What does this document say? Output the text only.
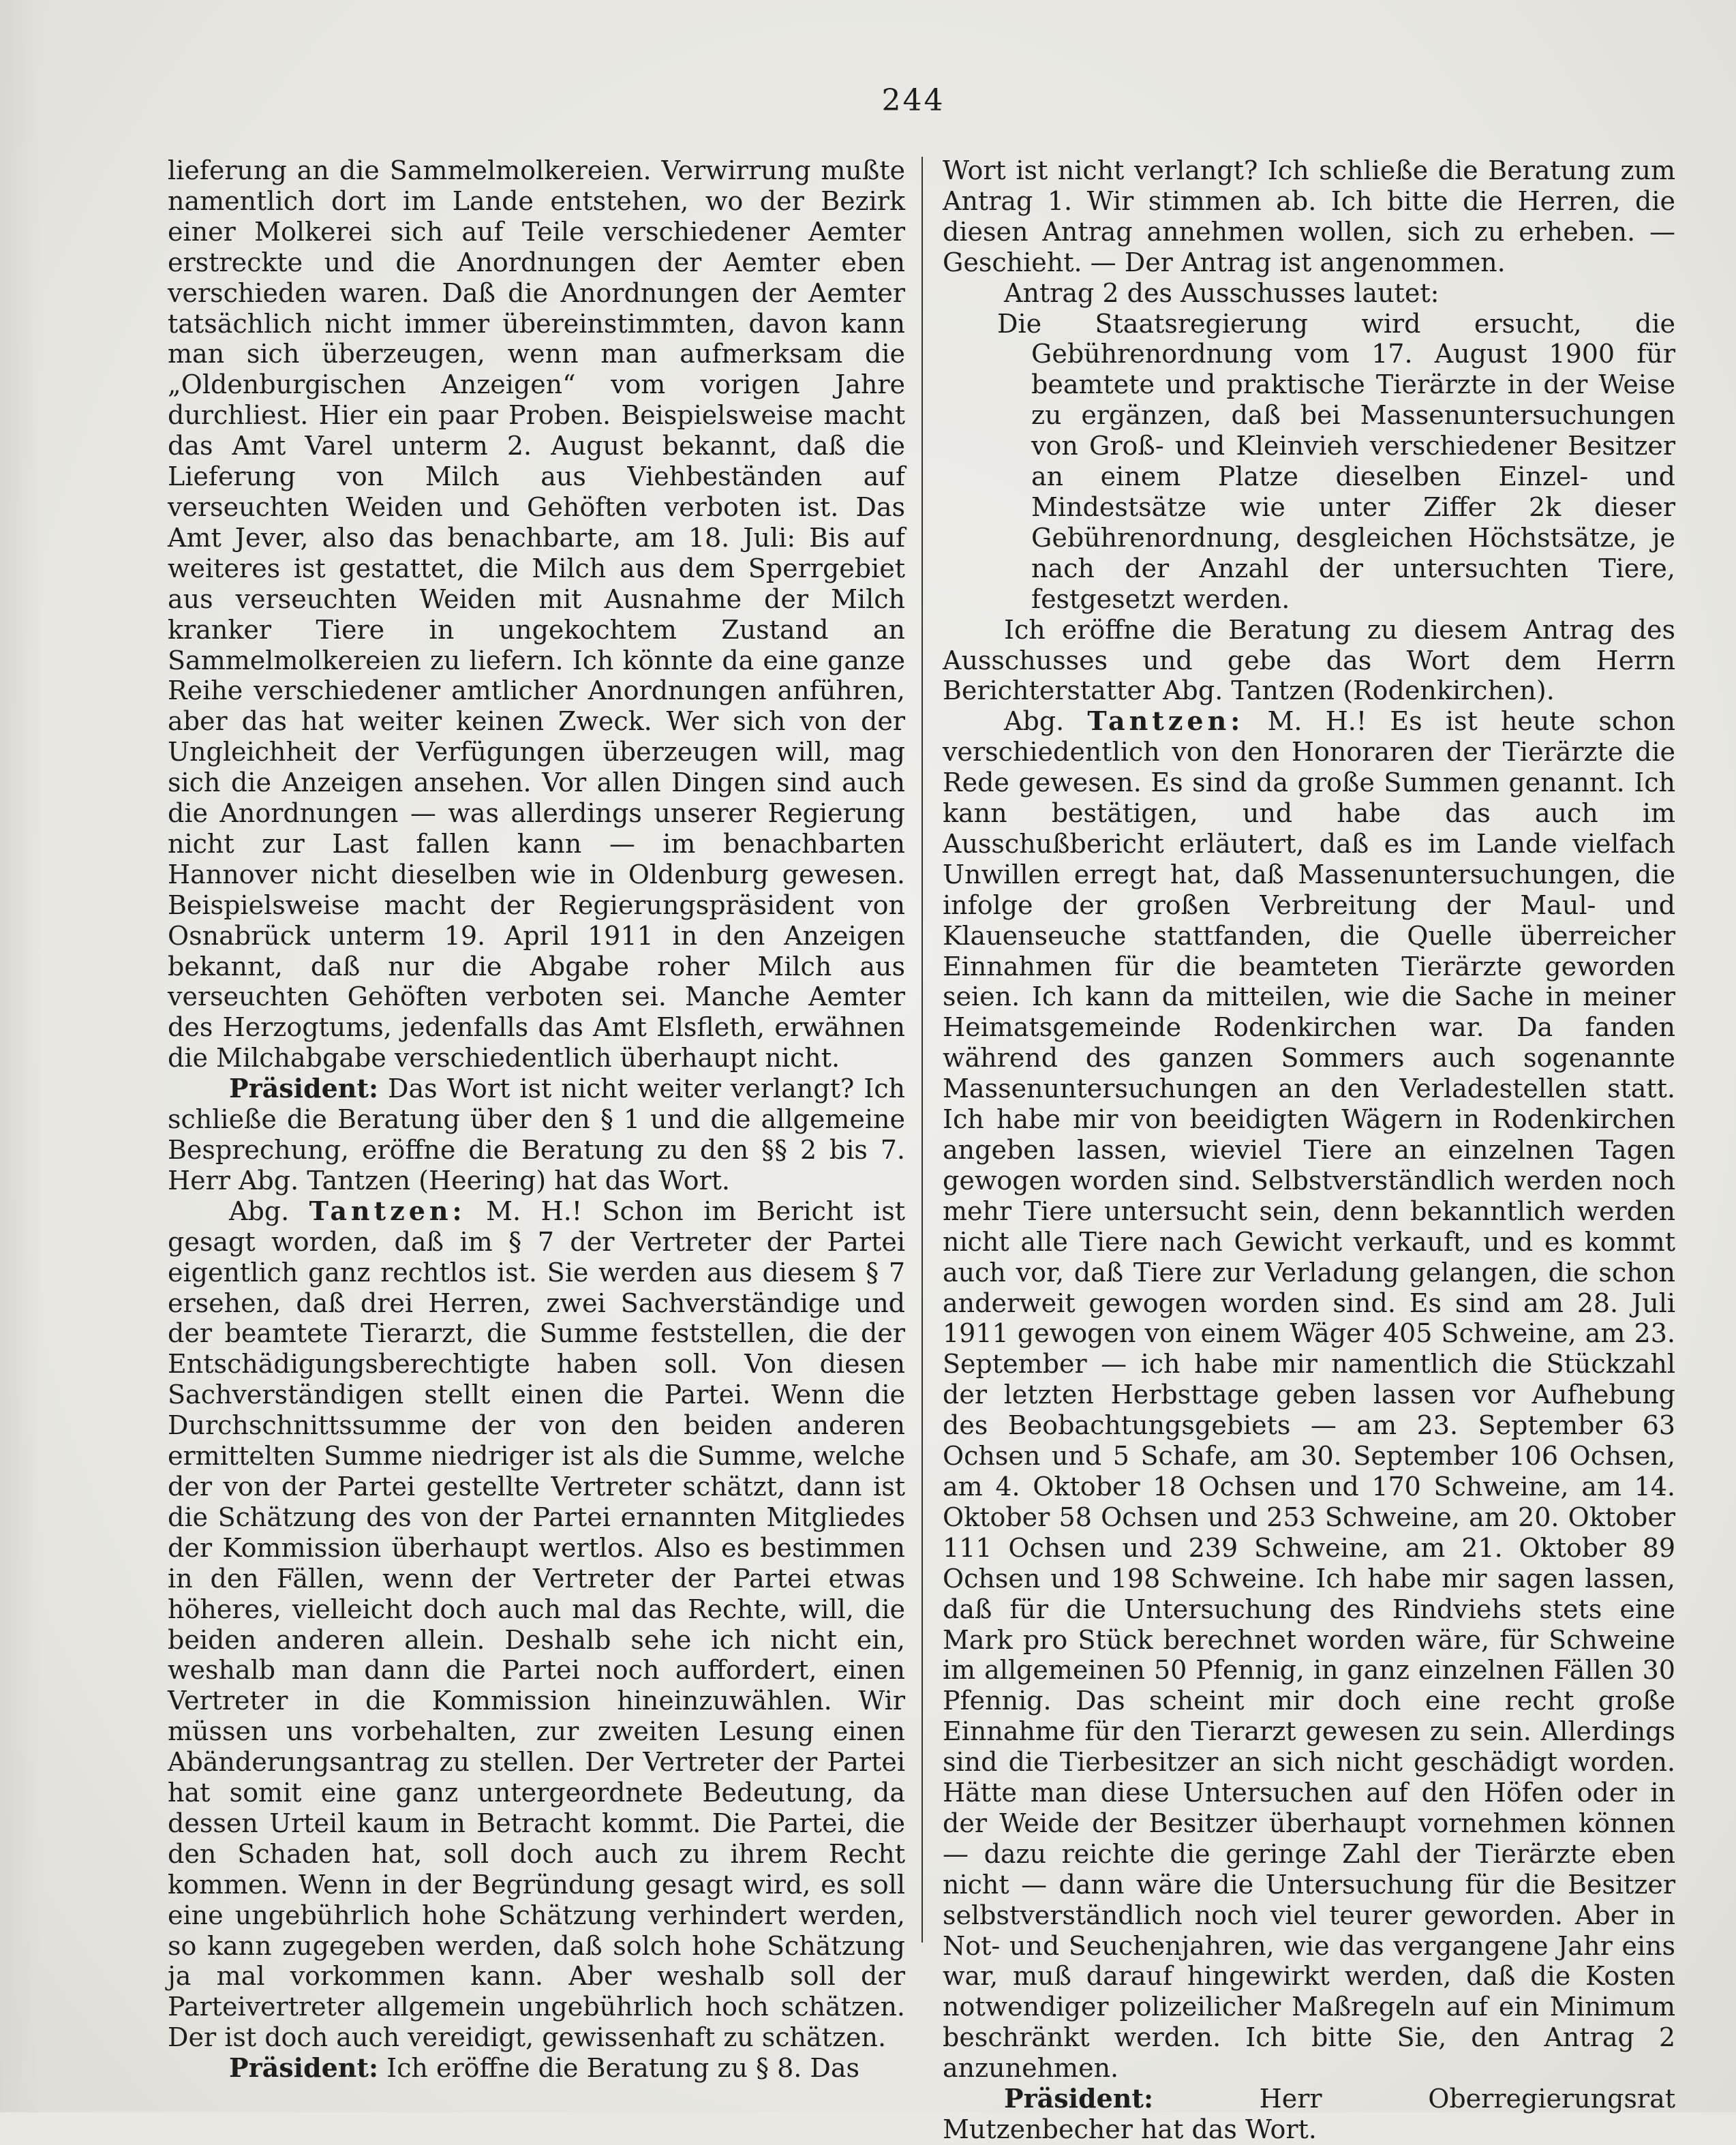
244

lieferung an die Sammelmolkereien. Verwirrung mußte namentlich dort im Lande entstehen, wo der Bezirk einer Molkerei sich auf Teile verschiedener Aemter erstreckte und die Anordnungen der Aemter eben verschieden waren. Daß die Anordnungen der Aemter tatsächlich nicht immer übereinstimmten, davon kann man sich überzeugen, wenn man aufmerksam die „Oldenburgischen Anzeigen“ vom vorigen Jahre durchliest. Hier ein paar Proben. Beispielsweise macht das Amt Varel unterm 2. August bekannt, daß die Lieferung von Milch aus Viehbeständen auf verseuchten Weiden und Gehöften verboten ist. Das Amt Jever, also das benachbarte, am 18. Juli: Bis auf weiteres ist gestattet, die Milch aus dem Sperrgebiet aus verseuchten Weiden mit Ausnahme der Milch kranker Tiere in ungekochtem Zustand an Sammelmolkereien zu liefern. Ich könnte da eine ganze Reihe verschiedener amtlicher Anordnungen anführen, aber das hat weiter keinen Zweck. Wer sich von der Ungleichheit der Verfügungen überzeugen will, mag sich die Anzeigen ansehen. Vor allen Dingen sind auch die Anordnungen — was allerdings unserer Regierung nicht zur Last fallen kann — im benachbarten Hannover nicht dieselben wie in Oldenburg gewesen. Beispielsweise macht der Regierungspräsident von Osnabrück unterm 19. April 1911 in den Anzeigen bekannt, daß nur die Abgabe roher Milch aus verseuchten Gehöften verboten sei. Manche Aemter des Herzogtums, jedenfalls das Amt Elsfleth, erwähnen die Milchabgabe verschiedentlich überhaupt nicht.

Präsident: Das Wort ist nicht weiter verlangt? Ich schließe die Beratung über den § 1 und die allgemeine Besprechung, eröffne die Beratung zu den §§ 2 bis 7. Herr Abg. Tantzen (Heering) hat das Wort.

Abg. Tantzen: M. H.! Schon im Bericht ist gesagt worden, daß im § 7 der Vertreter der Partei eigentlich ganz rechtlos ist. Sie werden aus diesem § 7 ersehen, daß drei Herren, zwei Sachverständige und der beamtete Tierarzt, die Summe feststellen, die der Entschädigungsberechtigte haben soll. Von diesen Sachverständigen stellt einen die Partei. Wenn die Durchschnittssumme der von den beiden anderen ermittelten Summe niedriger ist als die Summe, welche der von der Partei gestellte Vertreter schätzt, dann ist die Schätzung des von der Partei ernannten Mitgliedes der Kommission überhaupt wertlos. Also es bestimmen in den Fällen, wenn der Vertreter der Partei etwas höheres, vielleicht doch auch mal das Rechte, will, die beiden anderen allein. Deshalb sehe ich nicht ein, weshalb man dann die Partei noch auffordert, einen Vertreter in die Kommission hineinzuwählen. Wir müssen uns vorbehalten, zur zweiten Lesung einen Abänderungsantrag zu stellen. Der Vertreter der Partei hat somit eine ganz untergeordnete Bedeutung, da dessen Urteil kaum in Betracht kommt. Die Partei, die den Schaden hat, soll doch auch zu ihrem Recht kommen. Wenn in der Begründung gesagt wird, es soll eine ungebührlich hohe Schätzung verhindert werden, so kann zugegeben werden, daß solch hohe Schätzung ja mal vorkommen kann. Aber weshalb soll der Parteivertreter allgemein ungebührlich hoch schätzen. Der ist doch auch vereidigt, gewissenhaft zu schätzen.

Präsident: Ich eröffne die Beratung zu § 8. Das

Wort ist nicht verlangt? Ich schließe die Beratung zum Antrag 1. Wir stimmen ab. Ich bitte die Herren, die diesen Antrag annehmen wollen, sich zu erheben. — Geschieht. — Der Antrag ist angenommen.

Antrag 2 des Ausschusses lautet:

Die Staatsregierung wird ersucht, die Gebührenordnung vom 17. August 1900 für beamtete und praktische Tierärzte in der Weise zu ergänzen, daß bei Massenuntersuchungen von Groß- und Kleinvieh verschiedener Besitzer an einem Platze dieselben Einzel- und Mindestsätze wie unter Ziffer 2k dieser Gebührenordnung, desgleichen Höchstsätze, je nach der Anzahl der untersuchten Tiere, festgesetzt werden.

Ich eröffne die Beratung zu diesem Antrag des Ausschusses und gebe das Wort dem Herrn Berichterstatter Abg. Tantzen (Rodenkirchen).

Abg. Tantzen: M. H.! Es ist heute schon verschiedentlich von den Honoraren der Tierärzte die Rede gewesen. Es sind da große Summen genannt. Ich kann bestätigen, und habe das auch im Ausschußbericht erläutert, daß es im Lande vielfach Unwillen erregt hat, daß Massenuntersuchungen, die infolge der großen Verbreitung der Maul- und Klauenseuche stattfanden, die Quelle überreicher Einnahmen für die beamteten Tierärzte geworden seien. Ich kann da mitteilen, wie die Sache in meiner Heimatsgemeinde Rodenkirchen war. Da fanden während des ganzen Sommers auch sogenannte Massenuntersuchungen an den Verladestellen statt. Ich habe mir von beeidigten Wägern in Rodenkirchen angeben lassen, wieviel Tiere an einzelnen Tagen gewogen worden sind. Selbstverständlich werden noch mehr Tiere untersucht sein, denn bekanntlich werden nicht alle Tiere nach Gewicht verkauft, und es kommt auch vor, daß Tiere zur Verladung gelangen, die schon anderweit gewogen worden sind. Es sind am 28. Juli 1911 gewogen von einem Wäger 405 Schweine, am 23. September — ich habe mir namentlich die Stückzahl der letzten Herbsttage geben lassen vor Aufhebung des Beobachtungsgebiets — am 23. September 63 Ochsen und 5 Schafe, am 30. September 106 Ochsen, am 4. Oktober 18 Ochsen und 170 Schweine, am 14. Oktober 58 Ochsen und 253 Schweine, am 20. Oktober 111 Ochsen und 239 Schweine, am 21. Oktober 89 Ochsen und 198 Schweine. Ich habe mir sagen lassen, daß für die Untersuchung des Rindviehs stets eine Mark pro Stück berechnet worden wäre, für Schweine im allgemeinen 50 Pfennig, in ganz einzelnen Fällen 30 Pfennig. Das scheint mir doch eine recht große Einnahme für den Tierarzt gewesen zu sein. Allerdings sind die Tierbesitzer an sich nicht geschädigt worden. Hätte man diese Untersuchen auf den Höfen oder in der Weide der Besitzer überhaupt vornehmen können — dazu reichte die geringe Zahl der Tierärzte eben nicht — dann wäre die Untersuchung für die Besitzer selbstverständlich noch viel teurer geworden. Aber in Not- und Seuchenjahren, wie das vergangene Jahr eins war, muß darauf hingewirkt werden, daß die Kosten notwendiger polizeilicher Maßregeln auf ein Minimum beschränkt werden. Ich bitte Sie, den Antrag 2 anzunehmen.

Präsident:	Herr Oberregierungsrat Mutzenbecher hat das Wort.
